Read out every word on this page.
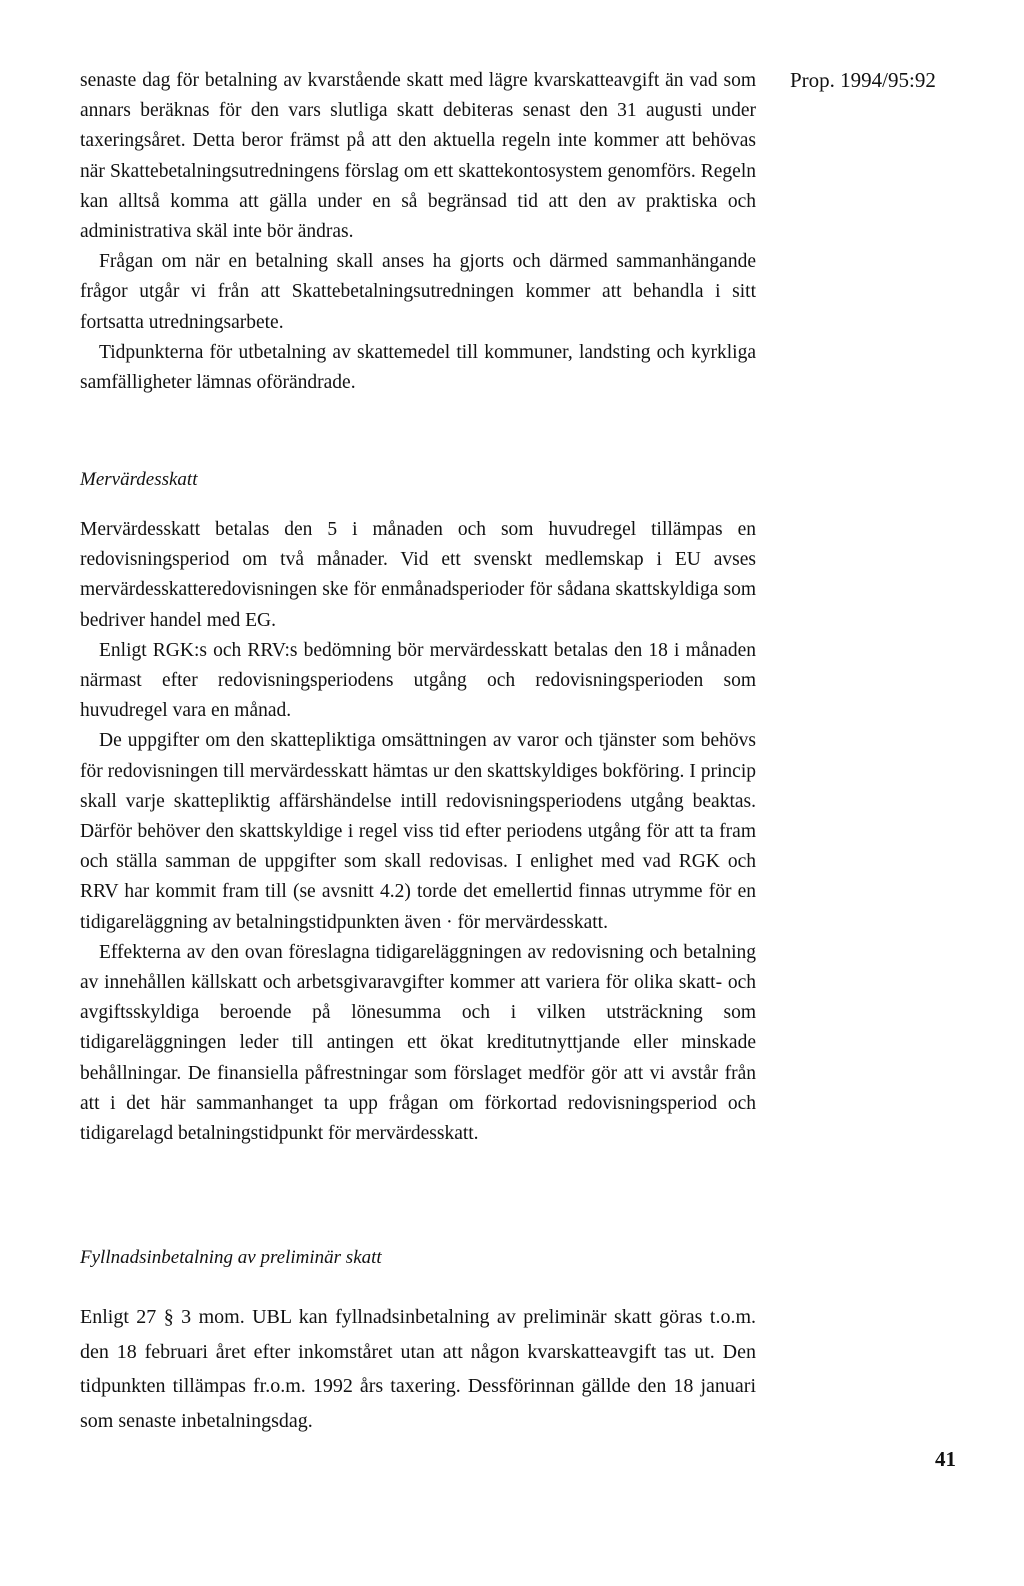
Prop. 1994/95:92

senaste dag för betalning av kvarstående skatt med lägre kvarskatteavgift än vad som annars beräknas för den vars slutliga skatt debiteras senast den 31 augusti under taxeringsåret. Detta beror främst på att den aktuella regeln inte kommer att behövas när Skattebetalningsutredningens förslag om ett skattekontosystem genomförs. Regeln kan alltså komma att gälla under en så begränsad tid att den av praktiska och administrativa skäl inte bör ändras.

Frågan om när en betalning skall anses ha gjorts och därmed sammanhängande frågor utgår vi från att Skattebetalningsutredningen kommer att behandla i sitt fortsatta utredningsarbete.

Tidpunkterna för utbetalning av skattemedel till kommuner, landsting och kyrkliga samfälligheter lämnas oförändrade.

Mervärdesskatt

Mervärdesskatt betalas den 5 i månaden och som huvudregel tillämpas en redovisningsperiod om två månader. Vid ett svenskt medlemskap i EU avses mervärdesskatteredovisningen ske för enmånadsperioder för sådana skattskyldiga som bedriver handel med EG.

Enligt RGK:s och RRV:s bedömning bör mervärdesskatt betalas den 18 i månaden närmast efter redovisningsperiodens utgång och redovisningsperioden som huvudregel vara en månad.

De uppgifter om den skattepliktiga omsättningen av varor och tjänster som behövs för redovisningen till mervärdesskatt hämtas ur den skattskyldiges bokföring. I princip skall varje skattepliktig affärshändelse intill redovisningsperiodens utgång beaktas. Därför behöver den skattskyldige i regel viss tid efter periodens utgång för att ta fram och ställa samman de uppgifter som skall redovisas. I enlighet med vad RGK och RRV har kommit fram till (se avsnitt 4.2) torde det emellertid finnas utrymme för en tidigareläggning av betalningstidpunkten även · för mervärdesskatt.

Effekterna av den ovan föreslagna tidigareläggningen av redovisning och betalning av innehållen källskatt och arbetsgivaravgifter kommer att variera för olika skatt- och avgiftsskyldiga beroende på lönesumma och i vilken utsträckning som tidigareläggningen leder till antingen ett ökat kreditutnyttjande eller minskade behållningar. De finansiella påfrestningar som förslaget medför gör att vi avstår från att i det här sammanhanget ta upp frågan om förkortad redovisningsperiod och tidigarelagd betalningstidpunkt för mervärdesskatt.

Fyllnadsinbetalning av preliminär skatt

Enligt 27 § 3 mom. UBL kan fyllnadsinbetalning av preliminär skatt göras t.o.m. den 18 februari året efter inkomståret utan att någon kvarskatteavgift tas ut. Den tidpunkten tillämpas fr.o.m. 1992 års taxering. Dessförinnan gällde den 18 januari som senaste inbetalningsdag.

41
